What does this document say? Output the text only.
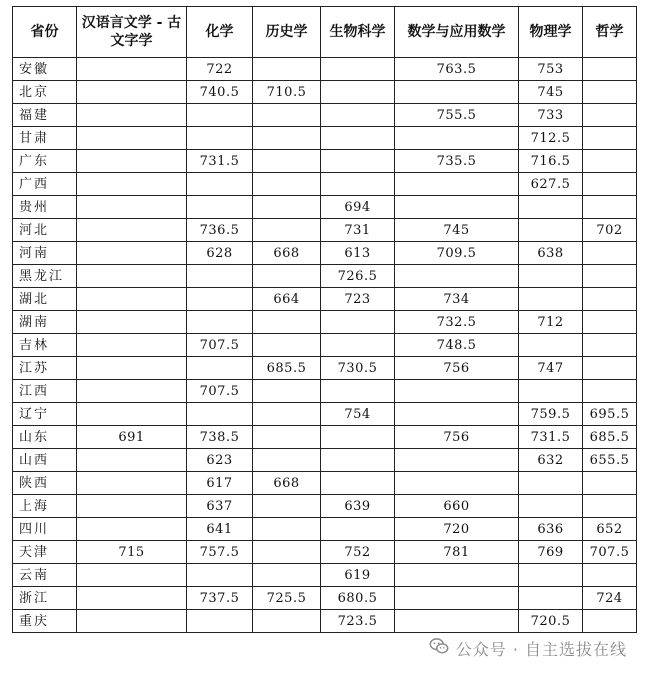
省份	汉语言文学 - 古文字学	化学	历史学	生物科学	数学与应用数学	物理学	哲学
安徽		722			763.5	753	
北京		740.5	710.5			745	
福建					755.5	733	
甘肃						712.5	
广东		731.5			735.5	716.5	
广西						627.5	
贵州				694			
河北		736.5		731	745		702
河南		628	668	613	709.5	638	
黑龙江				726.5			
湖北			664	723	734		
湖南					732.5	712	
吉林		707.5			748.5		
江苏			685.5	730.5	756	747	
江西		707.5					
辽宁				754		759.5	695.5
山东	691	738.5			756	731.5	685.5
山西		623				632	655.5
陕西		617	668				
上海		637		639	660		
四川		641			720	636	652
天津	715	757.5		752	781	769	707.5
云南				619			
浙江		737.5	725.5	680.5			724
重庆				723.5		720.5	
公众号 · 自主选拔在线
